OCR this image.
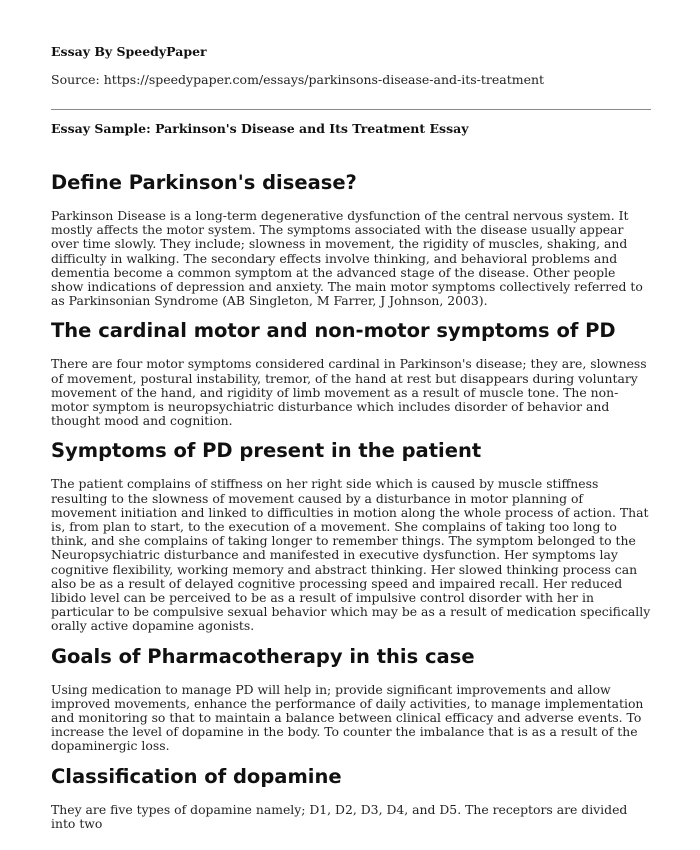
Essay By SpeedyPaper
Source: https://speedypaper.com/essays/parkinsons-disease-and-its-treatment
Essay Sample: Parkinson's Disease and Its Treatment Essay
Define Parkinson's disease?

Parkinson Disease is a long-term degenerative dysfunction of the central nervous system. It mostly affects the motor system. The symptoms associated with the disease usually appear over time slowly. They include; slowness in movement, the rigidity of muscles, shaking, and difficulty in walking. The secondary effects involve thinking, and behavioral problems and dementia become a common symptom at the advanced stage of the disease. Other people show indications of depression and anxiety. The main motor symptoms collectively referred to as Parkinsonian Syndrome (AB Singleton, M Farrer, J Johnson, 2003).

The cardinal motor and non-motor symptoms of PD

There are four motor symptoms considered cardinal in Parkinson's disease; they are, slowness of movement, postural instability, tremor, of the hand at rest but disappears during voluntary movement of the hand, and rigidity of limb movement as a result of muscle tone. The non-motor symptom is neuropsychiatric disturbance which includes disorder of behavior and thought mood and cognition.

Symptoms of PD present in the patient

The patient complains of stiffness on her right side which is caused by muscle stiffness resulting to the slowness of movement caused by a disturbance in motor planning of movement initiation and linked to difficulties in motion along the whole process of action. That is, from plan to start, to the execution of a movement. She complains of taking too long to think, and she complains of taking longer to remember things. The symptom belonged to the Neuropsychiatric disturbance and manifested in executive dysfunction. Her symptoms lay cognitive flexibility, working memory and abstract thinking. Her slowed thinking process can also be as a result of delayed cognitive processing speed and impaired recall. Her reduced libido level can be perceived to be as a result of impulsive control disorder with her in particular to be compulsive sexual behavior which may be as a result of medication specifically orally active dopamine agonists.

Goals of Pharmacotherapy in this case

Using medication to manage PD will help in; provide significant improvements and allow improved movements, enhance the performance of daily activities, to manage implementation and monitoring so that to maintain a balance between clinical efficacy and adverse events. To increase the level of dopamine in the body. To counter the imbalance that is as a result of the dopaminergic loss.

Classification of dopamine

They are five types of dopamine namely; D1, D2, D3, D4, and D5. The receptors are divided into two
